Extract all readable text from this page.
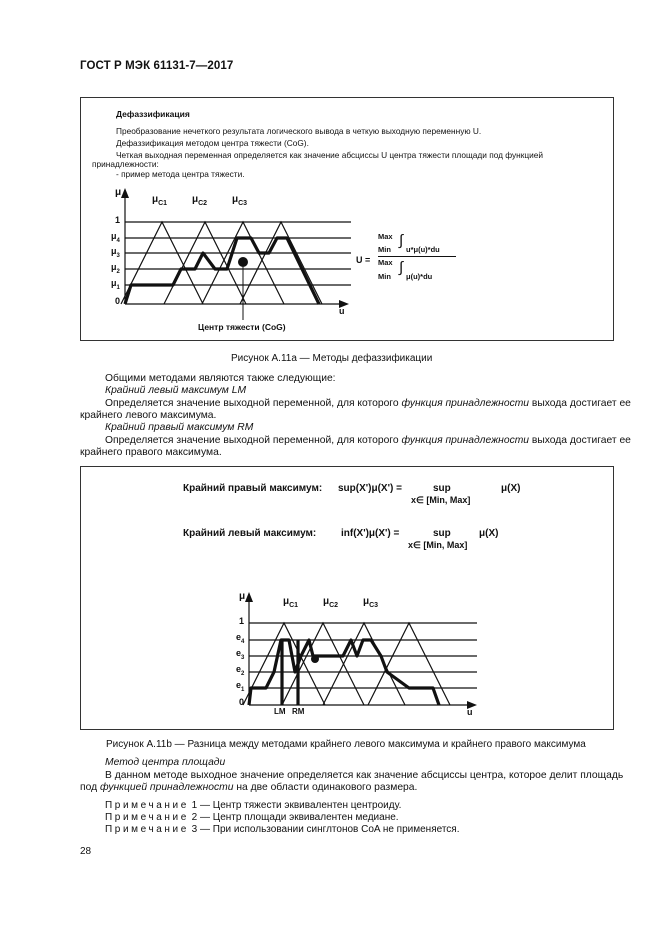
ГОСТ Р МЭК 61131-7—2017
Дефаззификация
Преобразование нечеткого результата логического вывода в четкую выходную переменную U.
Дефаззификация методом центра тяжести (CoG).
Четкая выходная переменная определяется как значение абсциссы U центра тяжести площади под функцией
принадлежности:
- пример метода центра тяжести.
μ
$\mu_{C1}$ $\mu_{C2}$ $\mu_{C3}$
1
$\mu_4$
$\mu_3$
$\mu_2$
$\mu_1$
0
u
Центр тяжести (CoG)
U =
Max
Min
∫
u*μ(u)*du
Max
Min
∫
μ(u)*du
Рисунок А.11а — Методы дефаззификации
Общими методами являются также следующие:
Крайний левый максимум LM
Определяется значение выходной переменной, для которого функция принадлежности выхода достигает ее
крайнего левого максимума.
Крайний правый максимум RM
Определяется значение выходной переменной, для которого функция принадлежности выхода достигает ее
крайнего правого максимума.
Крайний правый максимум: sup(X')μ(X') =	sup	μ(X)
x∈ [Min, Max]
Крайний левый максимум: inf(X')μ(X') =	sup	μ(X)
x∈ [Min, Max]
μ	$\mu_{C1}$ $\mu_{C2}$ $\mu_{C3}$
1
$e_4$
$e_3$
$e_2$
$e_1$
0
LM RM	u
Рисунок А.11b — Разница между методами крайнего левого максимума и крайнего правого максимума
Метод центра площади
В данном методе выходное значение определяется как значение абсциссы центра, которое делит площадь
под функцией принадлежности на две области одинакового размера.
Примечание 1 — Центр тяжести эквивалентен центроиду.
Примечание 2 — Центр площади эквивалентен медиане.
Примечание 3 — При использовании синглтонов CoA не применяется.
28
